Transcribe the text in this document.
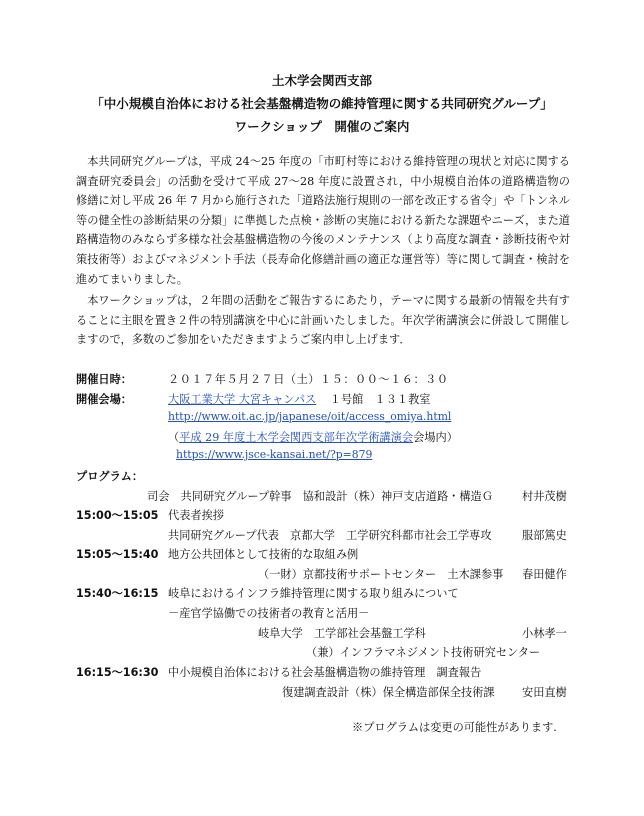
土木学会関西支部
「中小規模自治体における社会基盤構造物の維持管理に関する共同研究グループ」
ワークショップ　開催のご案内

本共同研究グループは，平成 24〜25 年度の「市町村等における維持管理の現状と対応に関する調査研究委員会」の活動を受けて平成 27〜28 年度に設置され，中小規模自治体の道路構造物の修繕に対し平成 26 年 7 月から施行された「道路法施行規則の一部を改正する省令」や「トンネル等の健全性の診断結果の分類」に準拠した点検・診断の実施における新たな課題やニーズ，また道路構造物のみならず多様な社会基盤構造物の今後のメンテナンス（より高度な調査・診断技術や対策技術等）およびマネジメント手法（長寿命化修繕計画の適正な運営等）等に関して調査・検討を進めてまいりました。

本ワークショップは，２年間の活動をご報告するにあたり，テーマに関する最新の情報を共有することに主眼を置き２件の特別講演を中心に計画いたしました。年次学術講演会に併設して開催しますので，多数のご参加をいただきますようご案内申し上げます．

開催日時：	２０１７年５月２７日（土）１５：００〜１６：３０
開催会場：	大阪工業大学 大宮キャンパス １号館　１３１教室
http://www.oit.ac.jp/japanese/oit/access_omiya.html
（平成 29 年度土木学会関西支部年次学術講演会会場内）
https://www.jsce-kansai.net/?p=879
プログラム：
司会　共同研究グループ幹事　協和設計（株）神戸支店道路・構造Ｇ	村井茂樹
15:00〜15:05 代表者挨拶
共同研究グループ代表　京都大学　工学研究科都市社会工学専攻	服部篤史
15:05〜15:40 地方公共団体として技術的な取組み例
（一財）京都技術サポートセンター　土木課参事 春田健作
15:40〜16:15 岐阜におけるインフラ維持管理に関する取り組みについて
－産官学協働での技術者の教育と活用－
岐阜大学　工学部社会基盤工学科	小林孝一
（兼）インフラマネジメント技術研究センター
16:15〜16:30 中小規模自治体における社会基盤構造物の維持管理　調査報告
復建調査設計（株）保全構造部保全技術課 安田直樹
※プログラムは変更の可能性があります.
